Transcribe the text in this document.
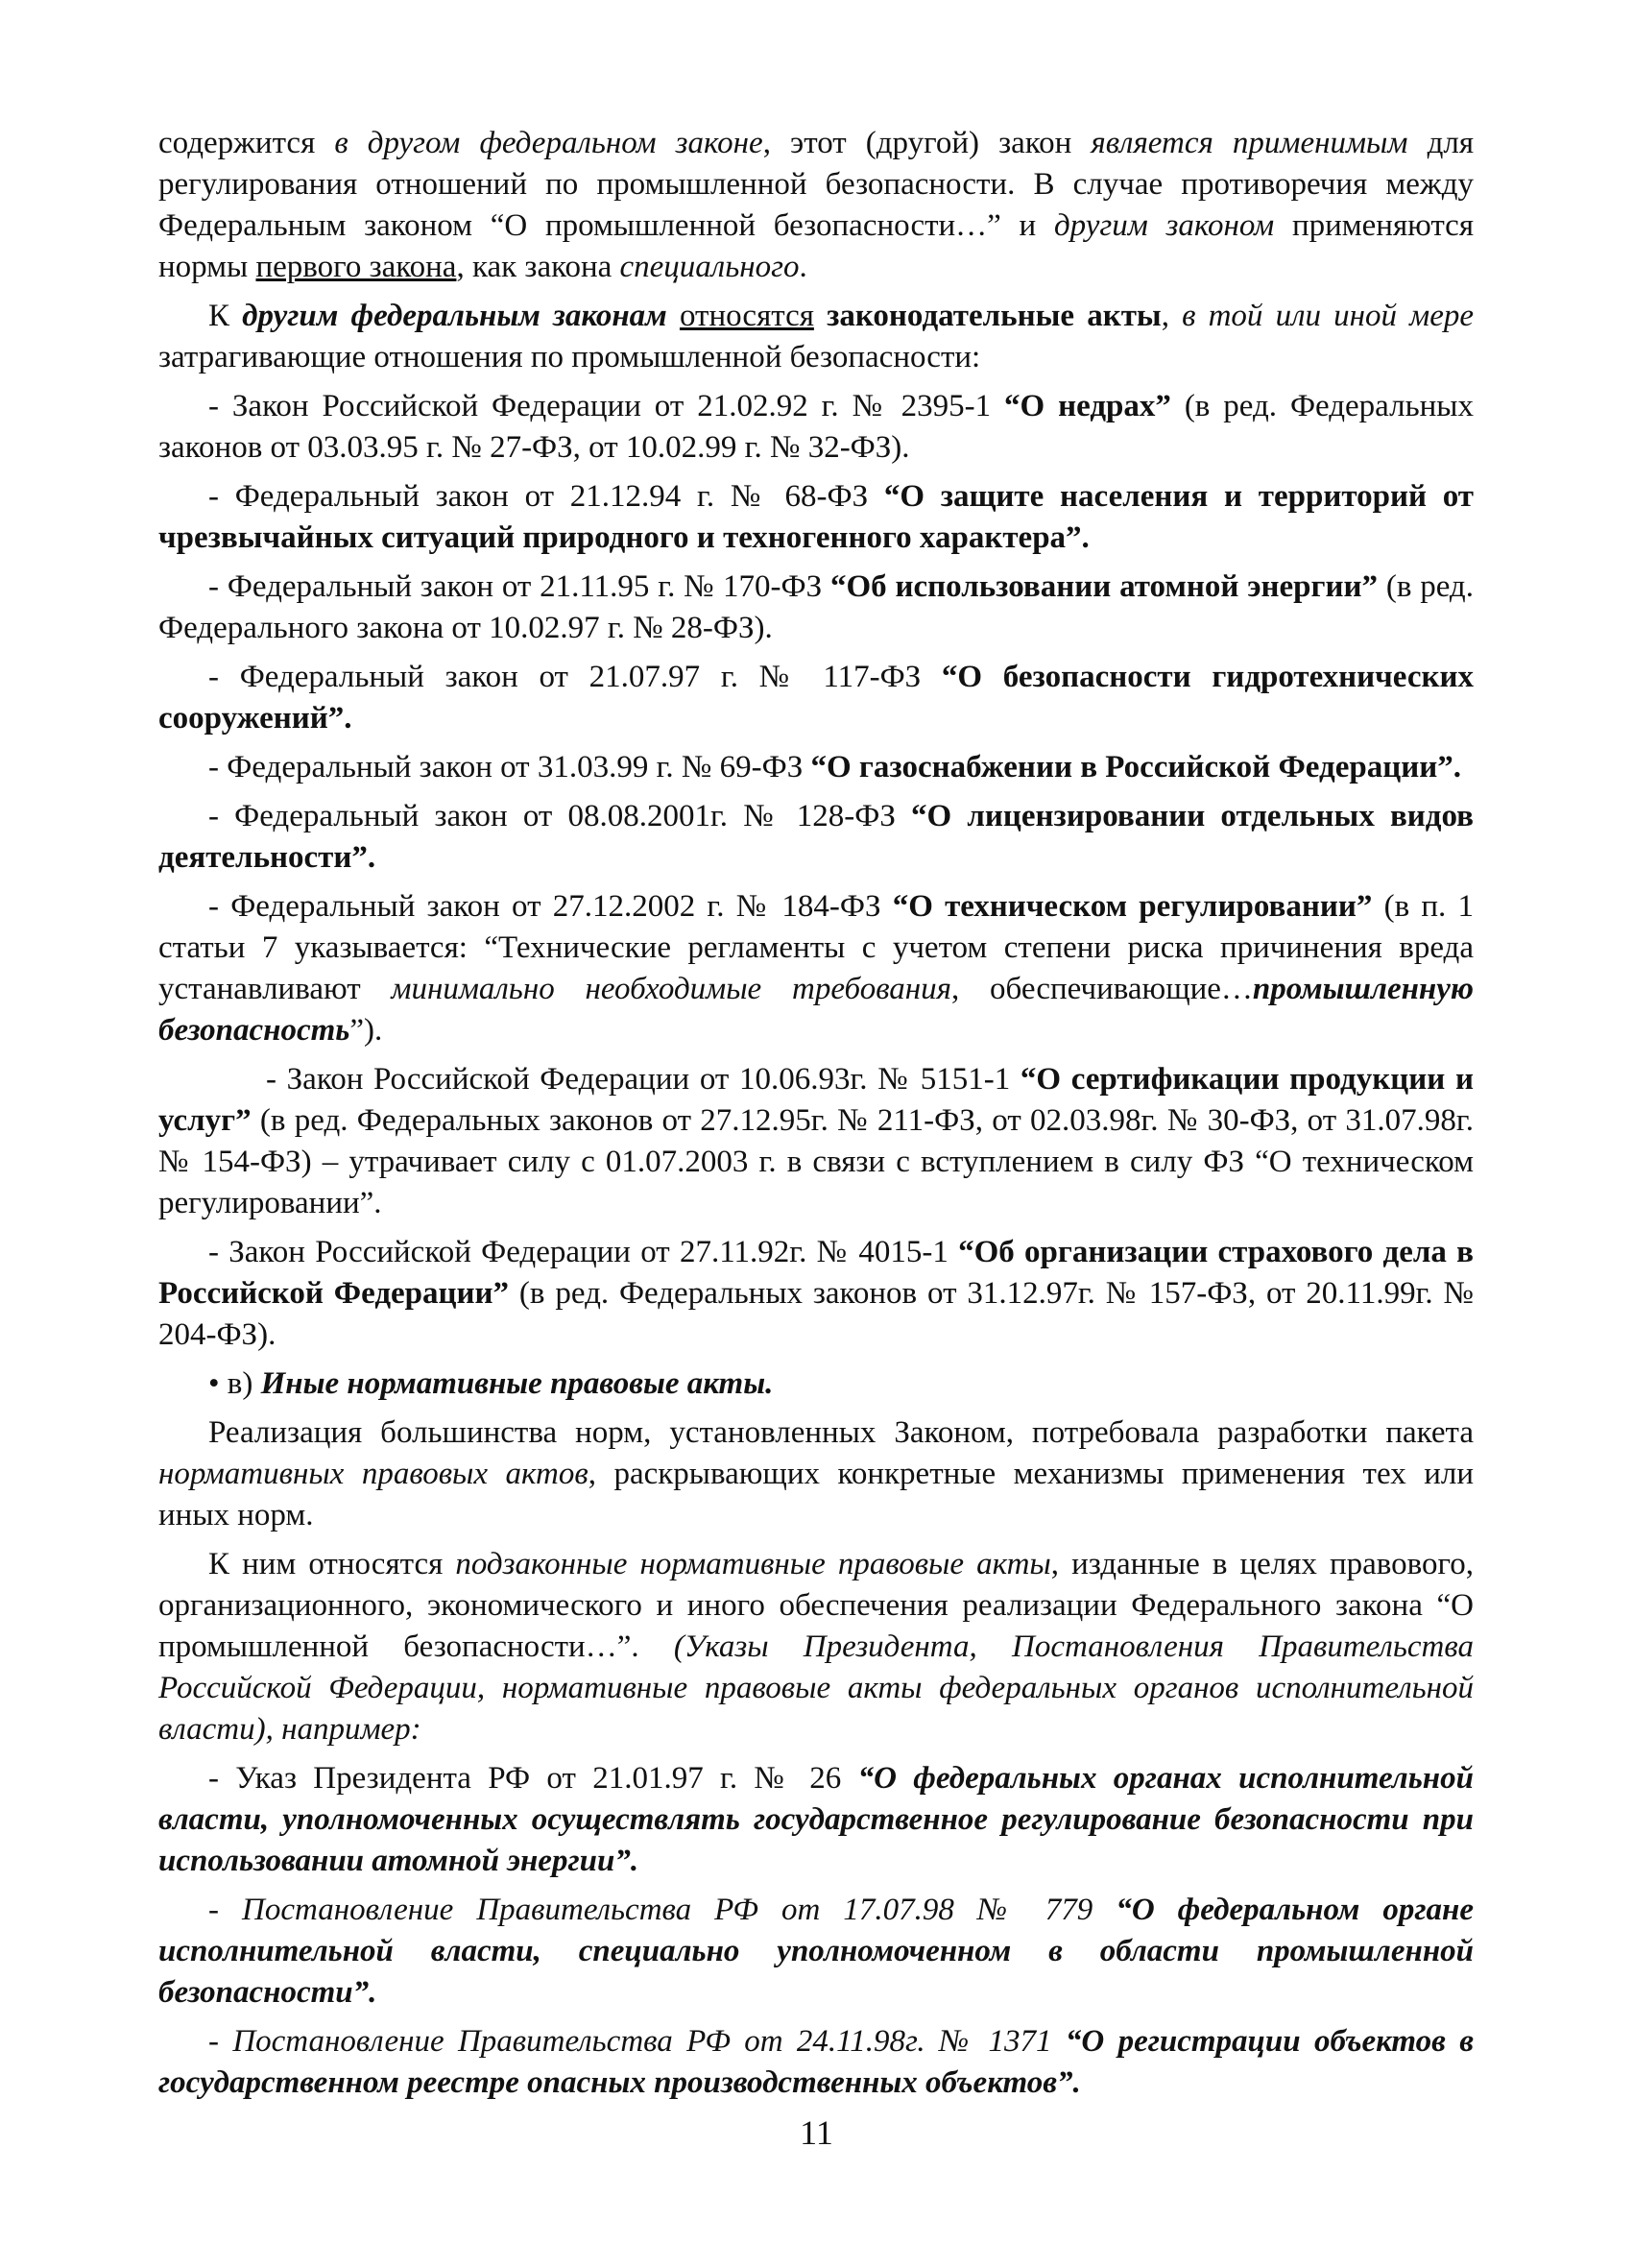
содержится в другом федеральном законе, этот (другой) закон является применимым для регулирования отношений по промышленной безопасности. В случае противоречия между Федеральным законом “О промышленной безопасности…” и другим законом применяются нормы первого закона, как закона специального.

К другим федеральным законам относятся законодательные акты, в той или иной мере затрагивающие отношения по промышленной безопасности:

- Закон Российской Федерации от 21.02.92 г. № 2395-1 “О недрах” (в ред. Федеральных законов от 03.03.95 г. № 27-ФЗ, от 10.02.99 г. № 32-ФЗ).

- Федеральный закон от 21.12.94 г. № 68-ФЗ “О защите населения и территорий от чрезвычайных ситуаций природного и техногенного характера”.

- Федеральный закон от 21.11.95 г. № 170-ФЗ “Об использовании атомной энергии” (в ред. Федерального закона от 10.02.97 г. № 28-ФЗ).

- Федеральный закон от 21.07.97 г. № 117-ФЗ “О безопасности гидротехнических сооружений”.

- Федеральный закон от 31.03.99 г. № 69-ФЗ “О газоснабжении в Российской Федерации”.

- Федеральный закон от 08.08.2001г. № 128-ФЗ “О лицензировании отдельных видов деятельности”.

- Федеральный закон от 27.12.2002 г. № 184-ФЗ “О техническом регулировании” (в п. 1 статьи 7 указывается: “Технические регламенты с учетом степени риска причинения вреда устанавливают минимально необходимые требования, обеспечивающие…промышленную безопасность”).

- Закон Российской Федерации от 10.06.93г. № 5151-1 “О сертификации продукции и услуг” (в ред. Федеральных законов от 27.12.95г. № 211-ФЗ, от 02.03.98г. № 30-ФЗ, от 31.07.98г. № 154-ФЗ) – утрачивает силу с 01.07.2003 г. в связи с вступлением в силу ФЗ “О техническом регулировании”.

- Закон Российской Федерации от 27.11.92г. № 4015-1 “Об организации страхового дела в Российской Федерации” (в ред. Федеральных законов от 31.12.97г. № 157-ФЗ, от 20.11.99г. № 204-ФЗ).

• в) Иные нормативные правовые акты.

Реализация большинства норм, установленных Законом, потребовала разработки пакета нормативных правовых актов, раскрывающих конкретные механизмы применения тех или иных норм.

К ним относятся подзаконные нормативные правовые акты, изданные в целях правового, организационного, экономического и иного обеспечения реализации Федерального закона “О промышленной безопасности…”. (Указы Президента, Постановления Правительства Российской Федерации, нормативные правовые акты федеральных органов исполнительной власти), например:

- Указ Президента РФ от 21.01.97 г. № 26 “О федеральных органах исполнительной власти, уполномоченных осуществлять государственное регулирование безопасности при использовании атомной энергии”.

- Постановление Правительства РФ от 17.07.98 № 779 “О федеральном органе исполнительной власти, специально уполномоченном в области промышленной безопасности”.

- Постановление Правительства РФ от 24.11.98г. № 1371 “О регистрации объектов в государственном реестре опасных производственных объектов”.

11
